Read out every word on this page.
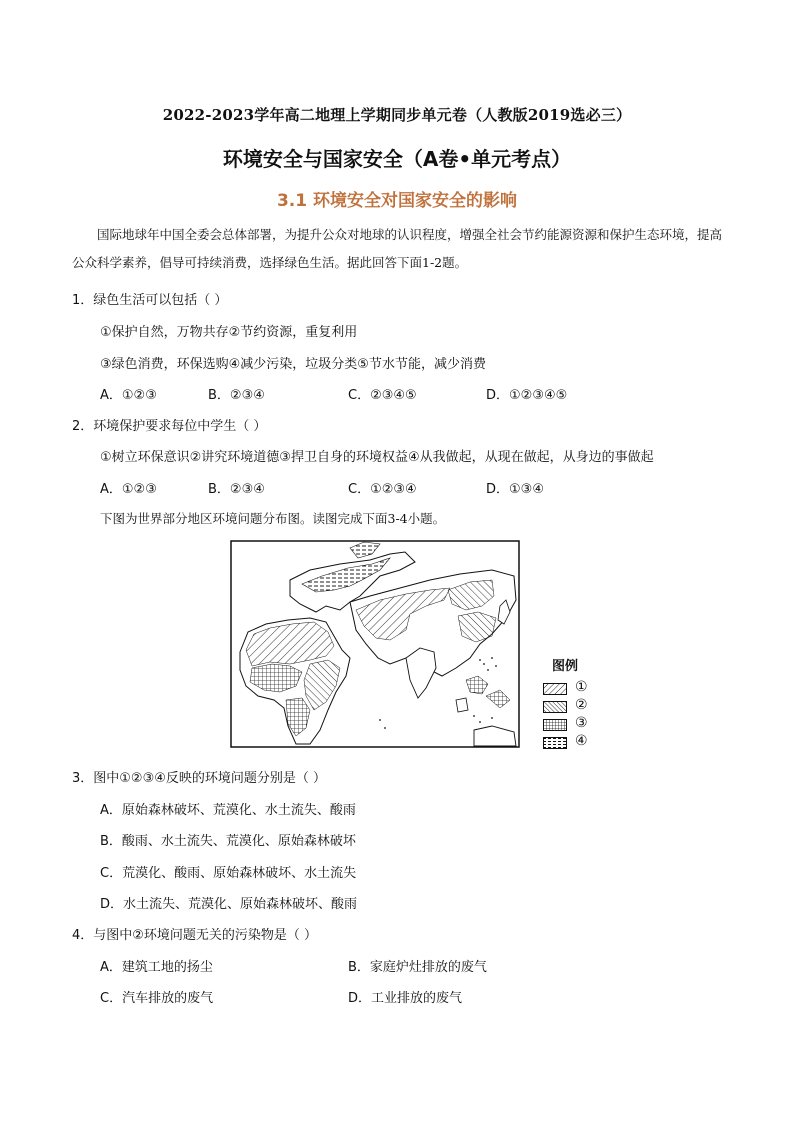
2022-2023学年高二地理上学期同步单元卷（人教版2019选必三）
环境安全与国家安全（A卷•单元考点）
3.1 环境安全对国家安全的影响
国际地球年中国全委会总体部署，为提升公众对地球的认识程度，增强全社会节约能源资源和保护生态环境，提高公众科学素养，倡导可持续消费，选择绿色生活。据此回答下面1-2题。
1．绿色生活可以包括（ ）
①保护自然，万物共存②节约资源，重复利用
③绿色消费，环保选购④减少污染，垃圾分类⑤节水节能，减少消费
A．①②③	B．②③④	C．②③④⑤	D．①②③④⑤
2．环境保护要求每位中学生（ ）
①树立环保意识②讲究环境道德③捍卫自身的环境权益④从我做起，从现在做起，从身边的事做起
A．①②③	B．②③④	C．①②③④	D．①③④
下图为世界部分地区环境问题分布图。读图完成下面3-4小题。
图例
①
②
③
④
3．图中①②③④反映的环境问题分别是（ ）
A．原始森林破坏、荒漠化、水土流失、酸雨
B．酸雨、水土流失、荒漠化、原始森林破坏
C．荒漠化、酸雨、原始森林破坏、水土流失
D．水土流失、荒漠化、原始森林破坏、酸雨
4．与图中②环境问题无关的污染物是（ ）
A．建筑工地的扬尘	B．家庭炉灶排放的废气
C．汽车排放的废气	D．工业排放的废气
